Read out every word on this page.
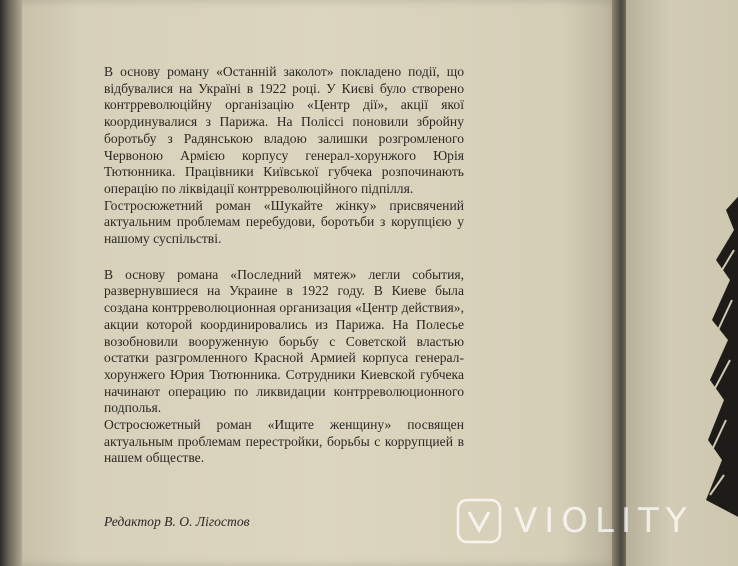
В основу роману «Останній заколот» покладено події, що відбувалися на Україні в 1922 році. У Києві було створено контрреволюційну організацію «Центр дії», акції якої координувалися з Парижа. На Поліссі поновили збройну боротьбу з Радянською владою залишки розгромленого Червоною Армією корпусу генерал-хорунжого Юрія Тютюнника. Працівники Київської губчека розпочинають операцію по ліквідації контрреволюційного підпілля.

Гостросюжетний роман «Шукайте жінку» присвячений актуальним проблемам перебудови, боротьби з корупцією у нашому суспільстві.

В основу романа «Последний мятеж» легли события, развернувшиеся на Украине в 1922 году. В Киеве была создана контрреволюционная организация «Центр действия», акции которой координировались из Парижа. На Полесье возобновили вооруженную борьбу с Советской властью остатки разгромленного Красной Армией корпуса генерал-хорунжего Юрия Тютюнника. Сотрудники Киевской губчека начинают операцию по ликвидации контрреволюционного подполья.

Остросюжетный роман «Ищите женщину» посвящен актуальным проблемам перестройки, борьбы с коррупцией в нашем обществе.

Редактор В. О. Лігостов	VIOLITY
